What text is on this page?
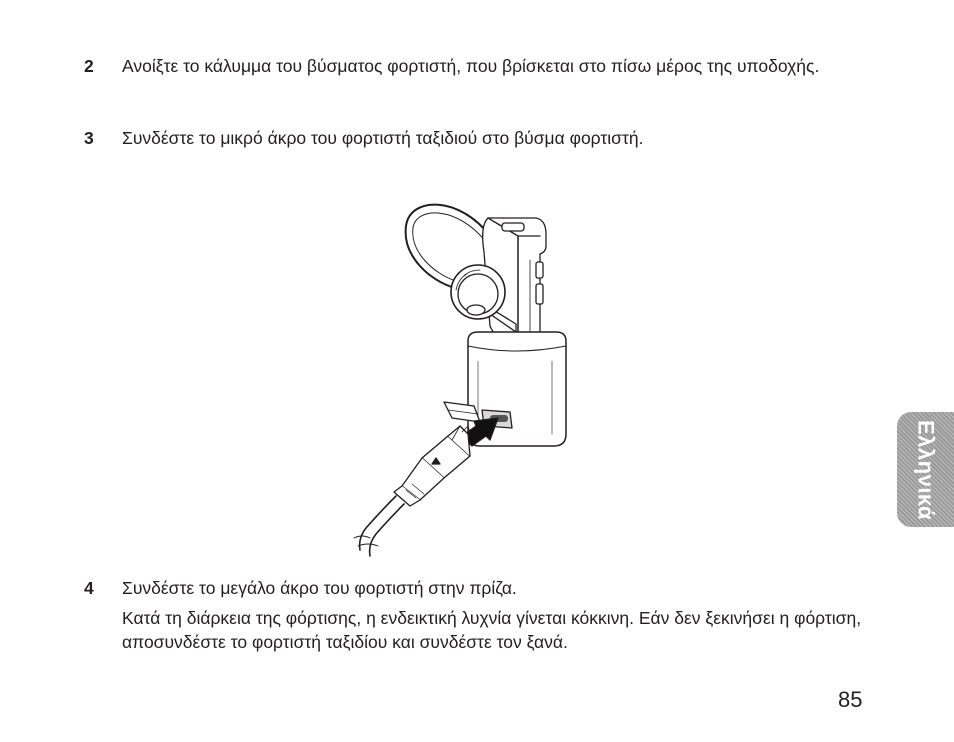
2 Ανοίξτε το κάλυμμα του βύσματος φορτιστή, που βρίσκεται στο πίσω μέρος της υποδοχής.
3 Συνδέστε το μικρό άκρο του φορτιστή ταξιδιού στο βύσμα φορτιστή.
4 Συνδέστε το μεγάλο άκρο του φορτιστή στην πρίζα.
Κατά τη διάρκεια της φόρτισης, η ενδεικτική λυχνία γίνεται κόκκινη. Εάν δεν ξεκινήσει η φόρτιση, αποσυνδέστε το φορτιστή ταξιδίου και συνδέστε τον ξανά.
Ελληνικά
85
